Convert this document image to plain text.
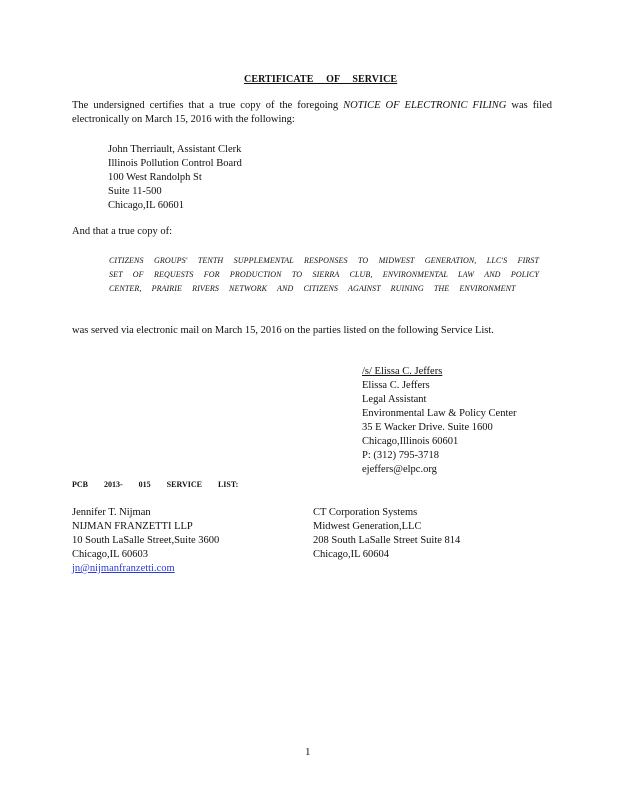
CERTIFICATE OF SERVICE
The undersigned certifies that a true copy of the foregoing NOTICE OF ELECTRONIC FILING was filed electronically on March 15, 2016 with the following:
John Therriault, Assistant Clerk
Illinois Pollution Control Board
100 West Randolph St
Suite 11-500
Chicago,IL 60601
And that a true copy of:
CITIZENS GROUPS' TENTH SUPPLEMENTAL RESPONSES TO MIDWEST GENERATION, LLC'S FIRST SET OF REQUESTS FOR PRODUCTION TO SIERRA CLUB, ENVIRONMENTAL LAW AND POLICY CENTER, PRAIRIE RIVERS NETWORK AND CITIZENS AGAINST RUINING THE ENVIRONMENT
was served via electronic mail on March 15, 2016 on the parties listed on the following Service List.
/s/ Elissa C. Jeffers
Elissa C. Jeffers
Legal Assistant
Environmental Law & Policy Center
35 E Wacker Drive. Suite 1600
Chicago,Illinois 60601
P: (312) 795-3718
ejeffers@elpc.org
PCB 2013- 015 SERVICE LIST:
Jennifer T. Nijman
NIJMAN FRANZETTI LLP
10 South LaSalle Street,Suite 3600
Chicago,IL 60603
jn@nijmanfranzetti.com
CT Corporation Systems
Midwest Generation,LLC
208 South LaSalle Street Suite 814
Chicago,IL 60604
1
